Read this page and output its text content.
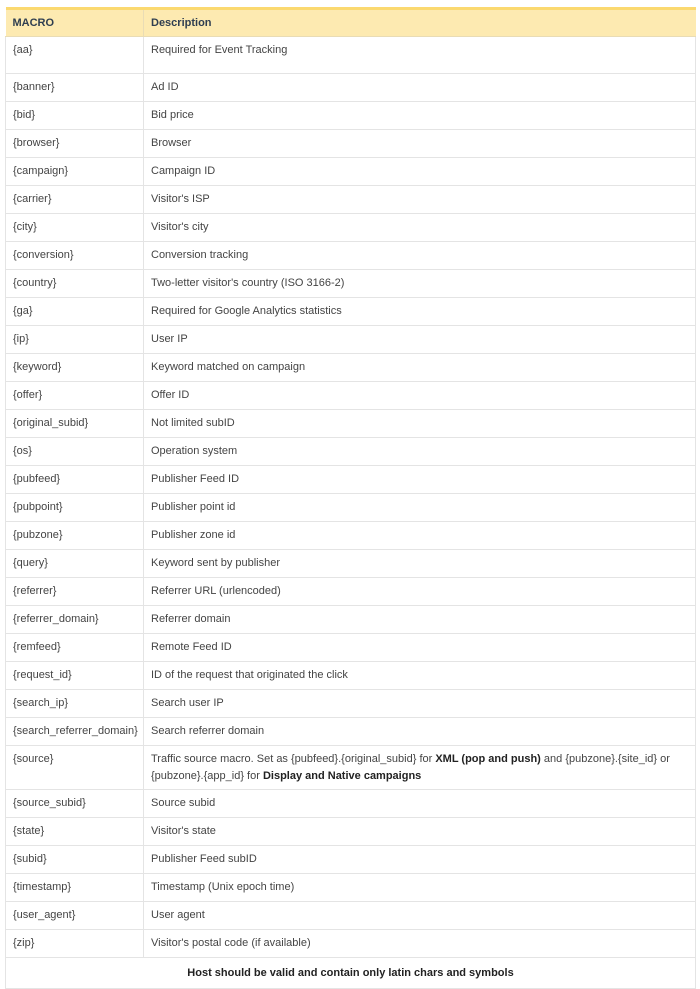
MACRO	Description
{aa}	Required for Event Tracking
{banner}	Ad ID
{bid}	Bid price
{browser}	Browser
{campaign}	Campaign ID
{carrier}	Visitor's ISP
{city}	Visitor's city
{conversion}	Conversion tracking
{country}	Two-letter visitor's country (ISO 3166-2)
{ga}	Required for Google Analytics statistics
{ip}	User IP
{keyword}	Keyword matched on campaign
{offer}	Offer ID
{original_subid}	Not limited subID
{os}	Operation system
{pubfeed}	Publisher Feed ID
{pubpoint}	Publisher point id
{pubzone}	Publisher zone id
{query}	Keyword sent by publisher
{referrer}	Referrer URL (urlencoded)
{referrer_domain}	Referrer domain
{remfeed}	Remote Feed ID
{request_id}	ID of the request that originated the click
{search_ip}	Search user IP
{search_referrer_domain}	Search referrer domain
{source}	Traffic source macro. Set as {pubfeed}.{original_subid} for XML (pop and push) and {pubzone}.{site_id} or {pubzone}.{app_id} for Display and Native campaigns
{source_subid}	Source subid
{state}	Visitor's state
{subid}	Publisher Feed subID
{timestamp}	Timestamp (Unix epoch time)
{user_agent}	User agent
{zip}	Visitor's postal code (if available)
Host should be valid and contain only latin chars and symbols	
